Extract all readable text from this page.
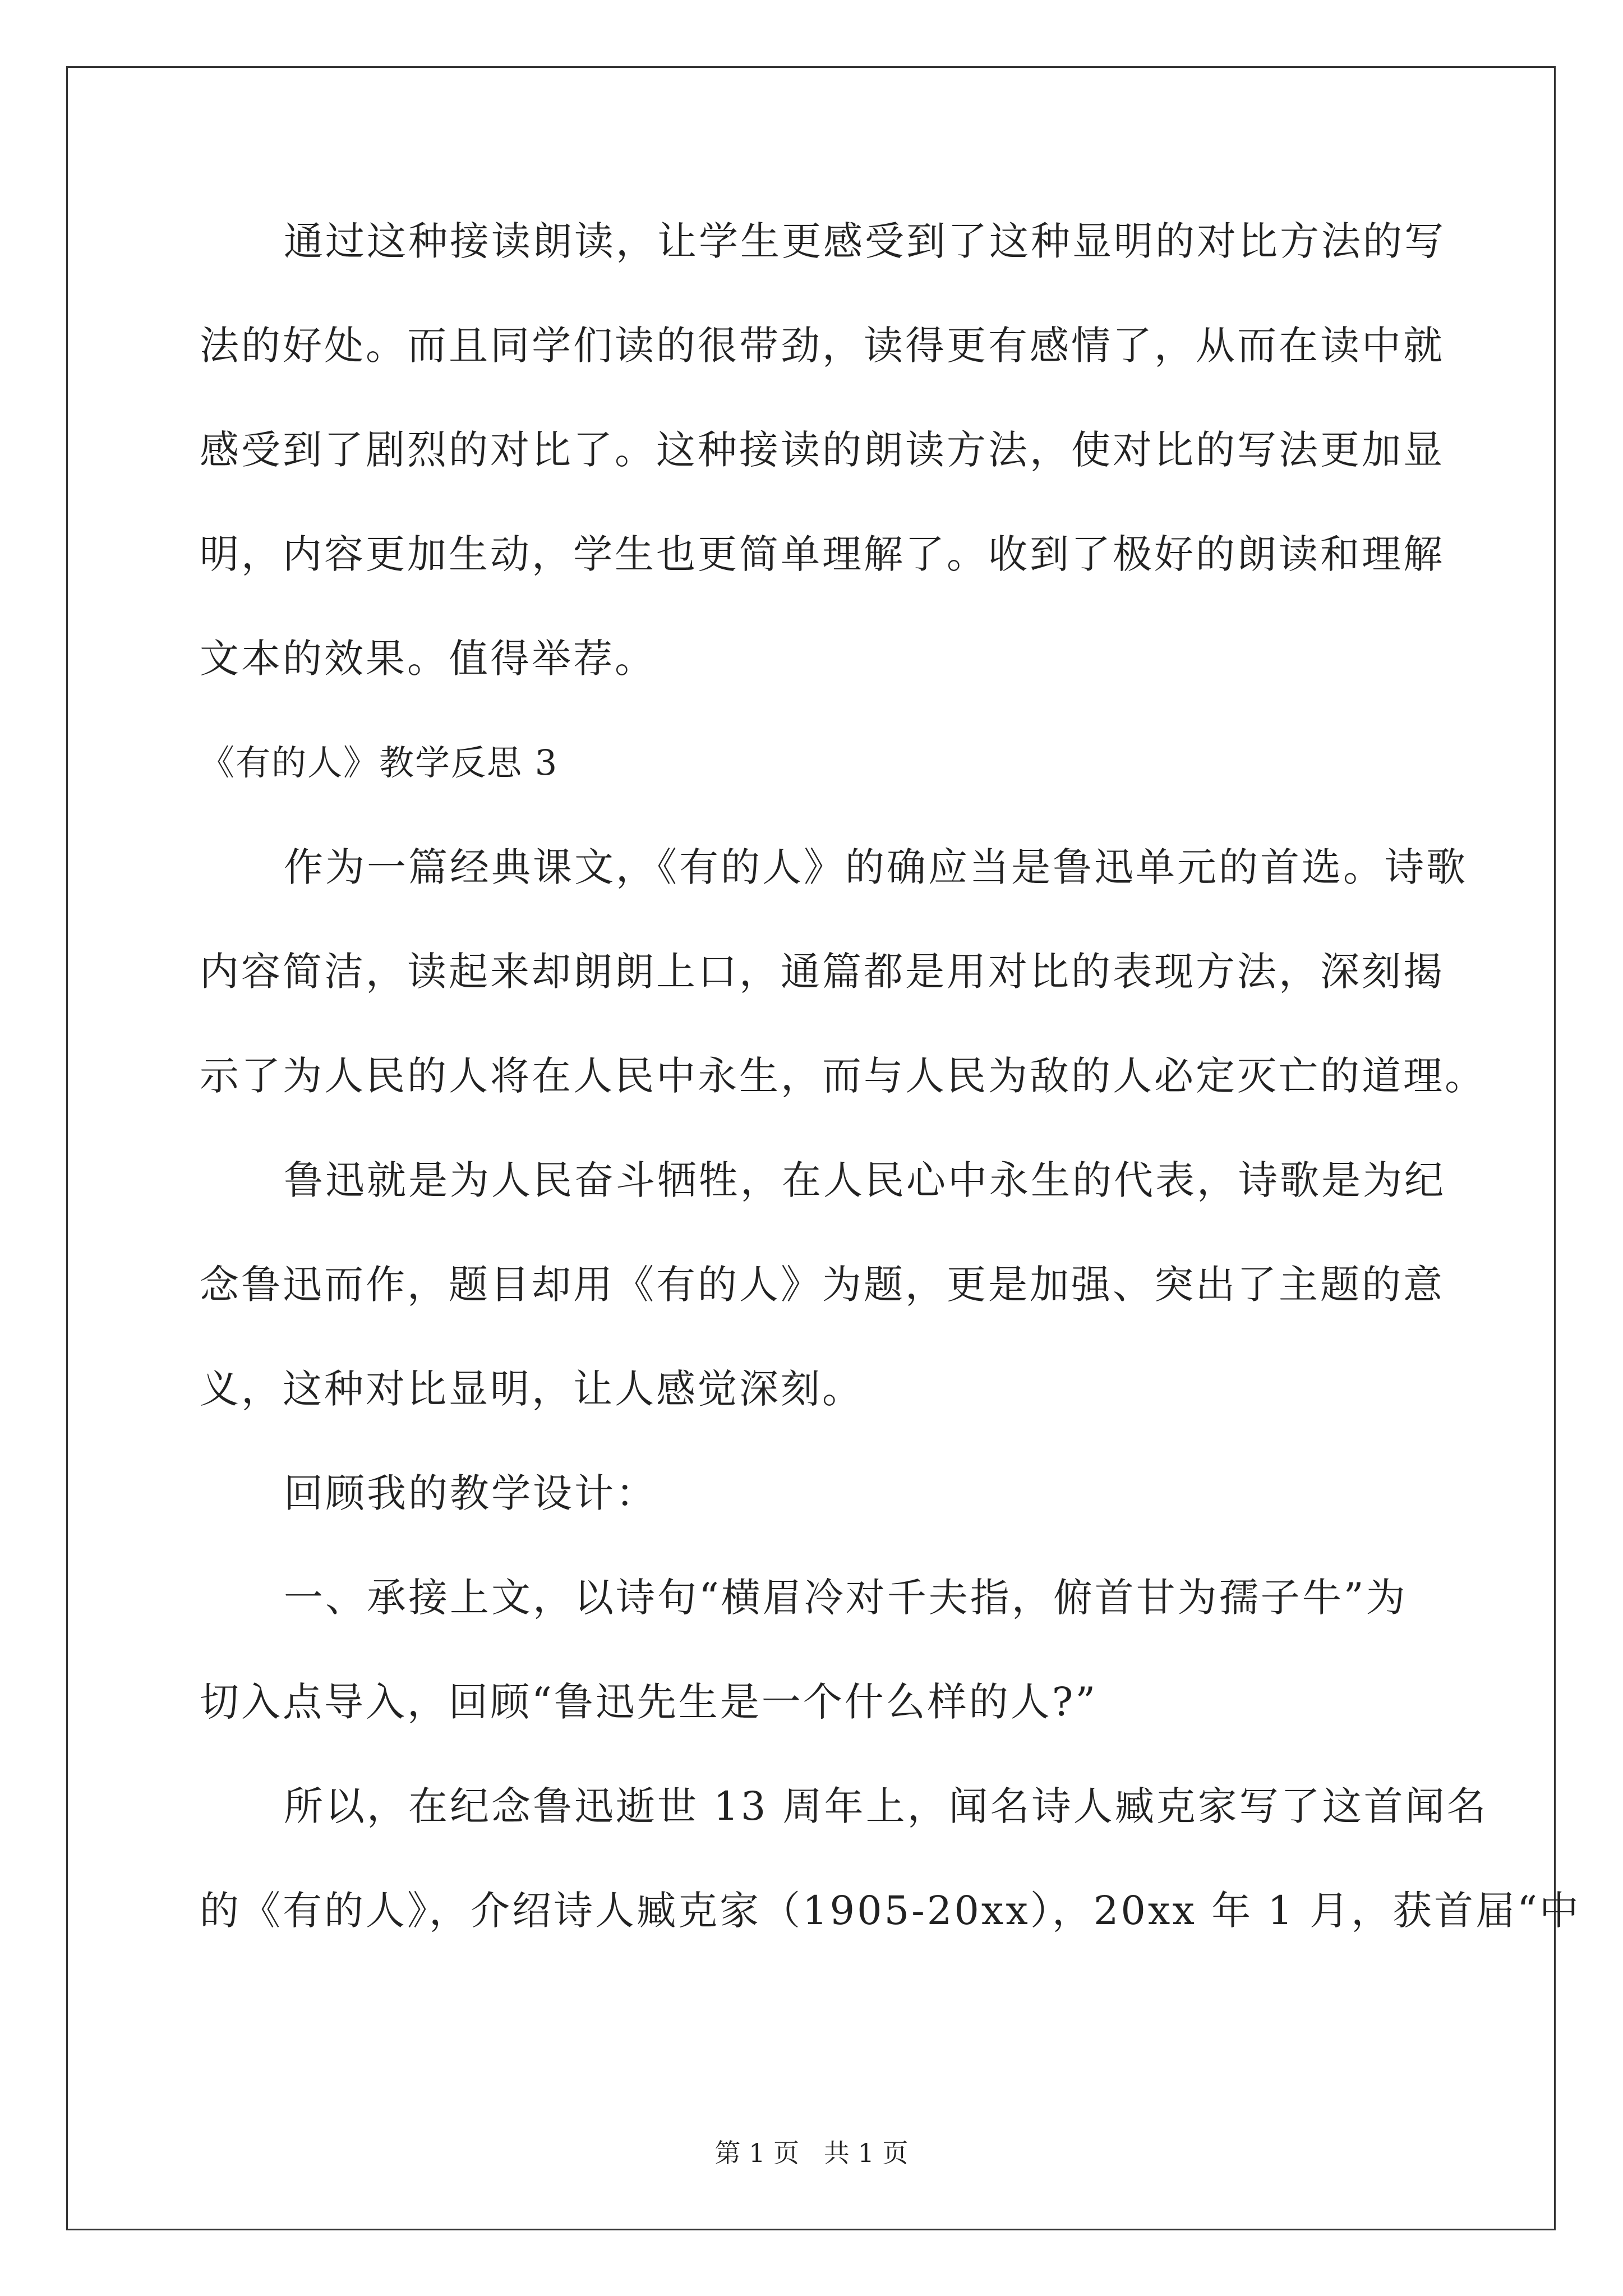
通过这种接读朗读，让学生更感受到了这种显明的对比方法的写
法的好处。而且同学们读的很带劲，读得更有感情了，从而在读中就
感受到了剧烈的对比了。这种接读的朗读方法，使对比的写法更加显
明，内容更加生动，学生也更简单理解了。收到了极好的朗读和理解
文本的效果。值得举荐。
《有的人》教学反思 3
作为一篇经典课文，《有的人》的确应当是鲁迅单元的首选。诗歌
内容简洁，读起来却朗朗上口，通篇都是用对比的表现方法，深刻揭
示了为人民的人将在人民中永生，而与人民为敌的人必定灭亡的道理。
鲁迅就是为人民奋斗牺牲，在人民心中永生的代表，诗歌是为纪
念鲁迅而作，题目却用《有的人》为题，更是加强、突出了主题的意
义，这种对比显明，让人感觉深刻。
回顾我的教学设计：
一、承接上文，以诗句“横眉冷对千夫指，俯首甘为孺子牛”为
切入点导入，回顾“鲁迅先生是一个什么样的人?”
所以，在纪念鲁迅逝世 13 周年上，闻名诗人臧克家写了这首闻名
的《有的人》，介绍诗人臧克家（1905-20xx），20xx 年 1 月，获首届“中
第 1 页   共 1 页
